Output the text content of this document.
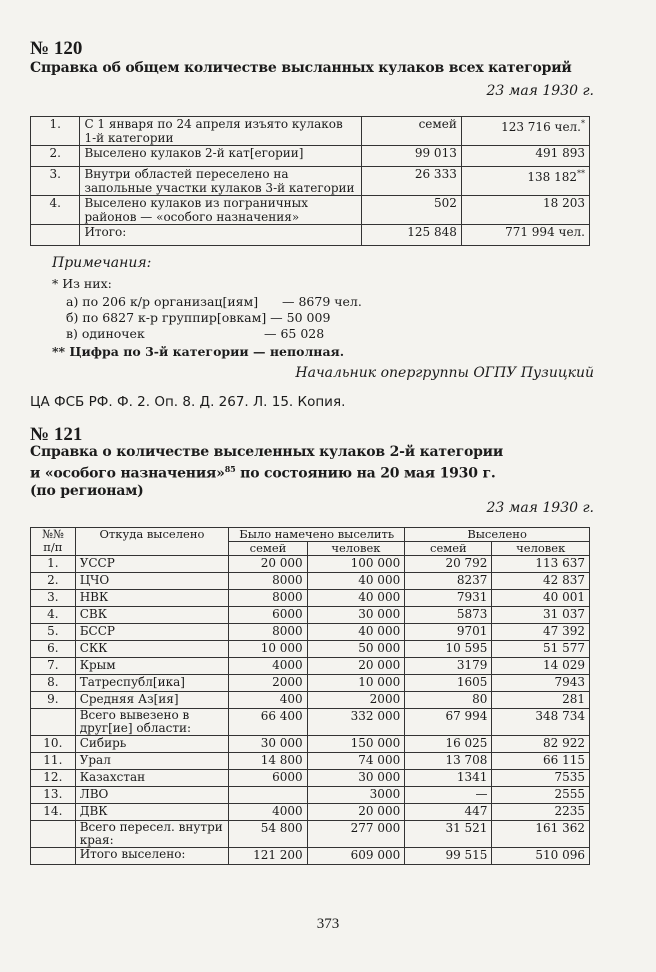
№ 120
Справка об общем количестве высланных кулаков всех категорий
23 мая 1930 г.
1.	С 1 января по 24 апреля изъято кулаков 1-й категории	семей	123 716 чел.*
2.	Выселено кулаков 2-й кат[егории]	99 013	491 893
3.	Внутри областей переселено на запольные участки кулаков 3-й категории	26 333	138 182**
4.	Выселено кулаков из пограничных районов — «особого назначения»	502	18 203
	Итого:	125 848	771 994 чел.
Примечания:
* Из них:
а) по 206 к/р организац[иям]      — 8679 чел.
б) по 6827 к-р группир[овкам] — 50 009
в) одиночек                              — 65 028
** Цифра по 3-й категории — неполная.
Начальник опергруппы ОГПУ Пузицкий
ЦА ФСБ РФ. Ф. 2. Оп. 8. Д. 267. Л. 15. Копия.
№ 121
Справка о количестве выселенных кулаков 2-й категории
и «особого назначения»$^{85}$ по состоянию на 20 мая 1930 г.
(по регионам)
23 мая 1930 г.
№№ п/п	Откуда выселено	Было намечено выселить		Выселено	
		семей	человек	семей	человек
1.	УССР	20 000	100 000	20 792	113 637
2.	ЦЧО	8000	40 000	8237	42 837
3.	НВК	8000	40 000	7931	40 001
4.	СВК	6000	30 000	5873	31 037
5.	БССР	8000	40 000	9701	47 392
6.	СКК	10 000	50 000	10 595	51 577
7.	Крым	4000	20 000	3179	14 029
8.	Татреспубл[ика]	2000	10 000	1605	7943
9.	Средняя Аз[ия]	400	2000	80	281
	Всего вывезено в друг[ие] области:	66 400	332 000	67 994	348 734
10.	Сибирь	30 000	150 000	16 025	82 922
11.	Урал	14 800	74 000	13 708	66 115
12.	Казахстан	6000	30 000	1341	7535
13.	ЛВО		3000	—	2555
14.	ДВК	4000	20 000	447	2235
	Всего пересел. внутри края:	54 800	277 000	31 521	161 362
	Итого выселено:	121 200	609 000	99 515	510 096
373
